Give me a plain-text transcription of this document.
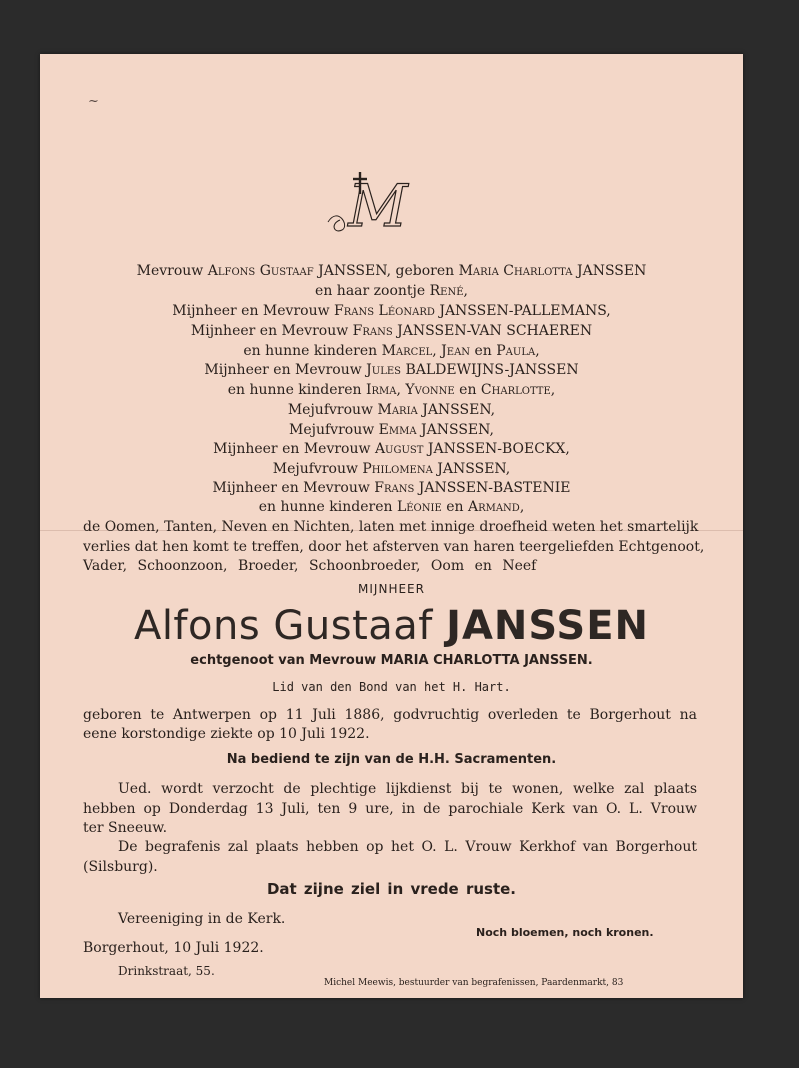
~
M
Mevrouw Alfons Gustaaf JANSSEN, geboren Maria Charlotta JANSSEN
en haar zoontje René,
Mijnheer en Mevrouw Frans Léonard JANSSEN-PALLEMANS,
Mijnheer en Mevrouw Frans JANSSEN-VAN SCHAEREN
en hunne kinderen Marcel, Jean en Paula,
Mijnheer en Mevrouw Jules BALDEWIJNS-JANSSEN
en hunne kinderen Irma, Yvonne en Charlotte,
Mejufvrouw Maria JANSSEN,
Mejufvrouw Emma JANSSEN,
Mijnheer en Mevrouw August JANSSEN-BOECKX,
Mejufvrouw Philomena JANSSEN,
Mijnheer en Mevrouw Frans JANSSEN-BASTENIE
en hunne kinderen Léonie en Armand,
de Oomen, Tanten, Neven en Nichten, laten met innige droefheid weten het smartelijk
verlies dat hen komt te treffen, door het afsterven van haren teergeliefden Echtgenoot,
Vader, Schoonzoon, Broeder, Schoonbroeder, Oom en Neef
MIJNHEER
Alfons Gustaaf JANSSEN
echtgenoot van Mevrouw MARIA CHARLOTTA JANSSEN.
Lid van den Bond van het H. Hart.
geboren te Antwerpen op 11 Juli 1886, godvruchtig overleden te Borgerhout na
eene korstondige ziekte op 10 Juli 1922.
Na bediend te zijn van de H.H. Sacramenten.
Ued. wordt verzocht de plechtige lijkdienst bij te wonen, welke zal plaats
hebben op Donderdag 13 Juli, ten 9 ure, in de parochiale Kerk van O. L. Vrouw
ter Sneeuw.
De begrafenis zal plaats hebben op het O. L. Vrouw Kerkhof van Borgerhout
(Silsburg).
Dat zijne ziel in vrede ruste.
Vereeniging in de Kerk.
Noch bloemen, noch kronen.
Borgerhout, 10 Juli 1922.
Drinkstraat, 55.
Michel Meewis, bestuurder van begrafenissen, Paardenmarkt, 83
